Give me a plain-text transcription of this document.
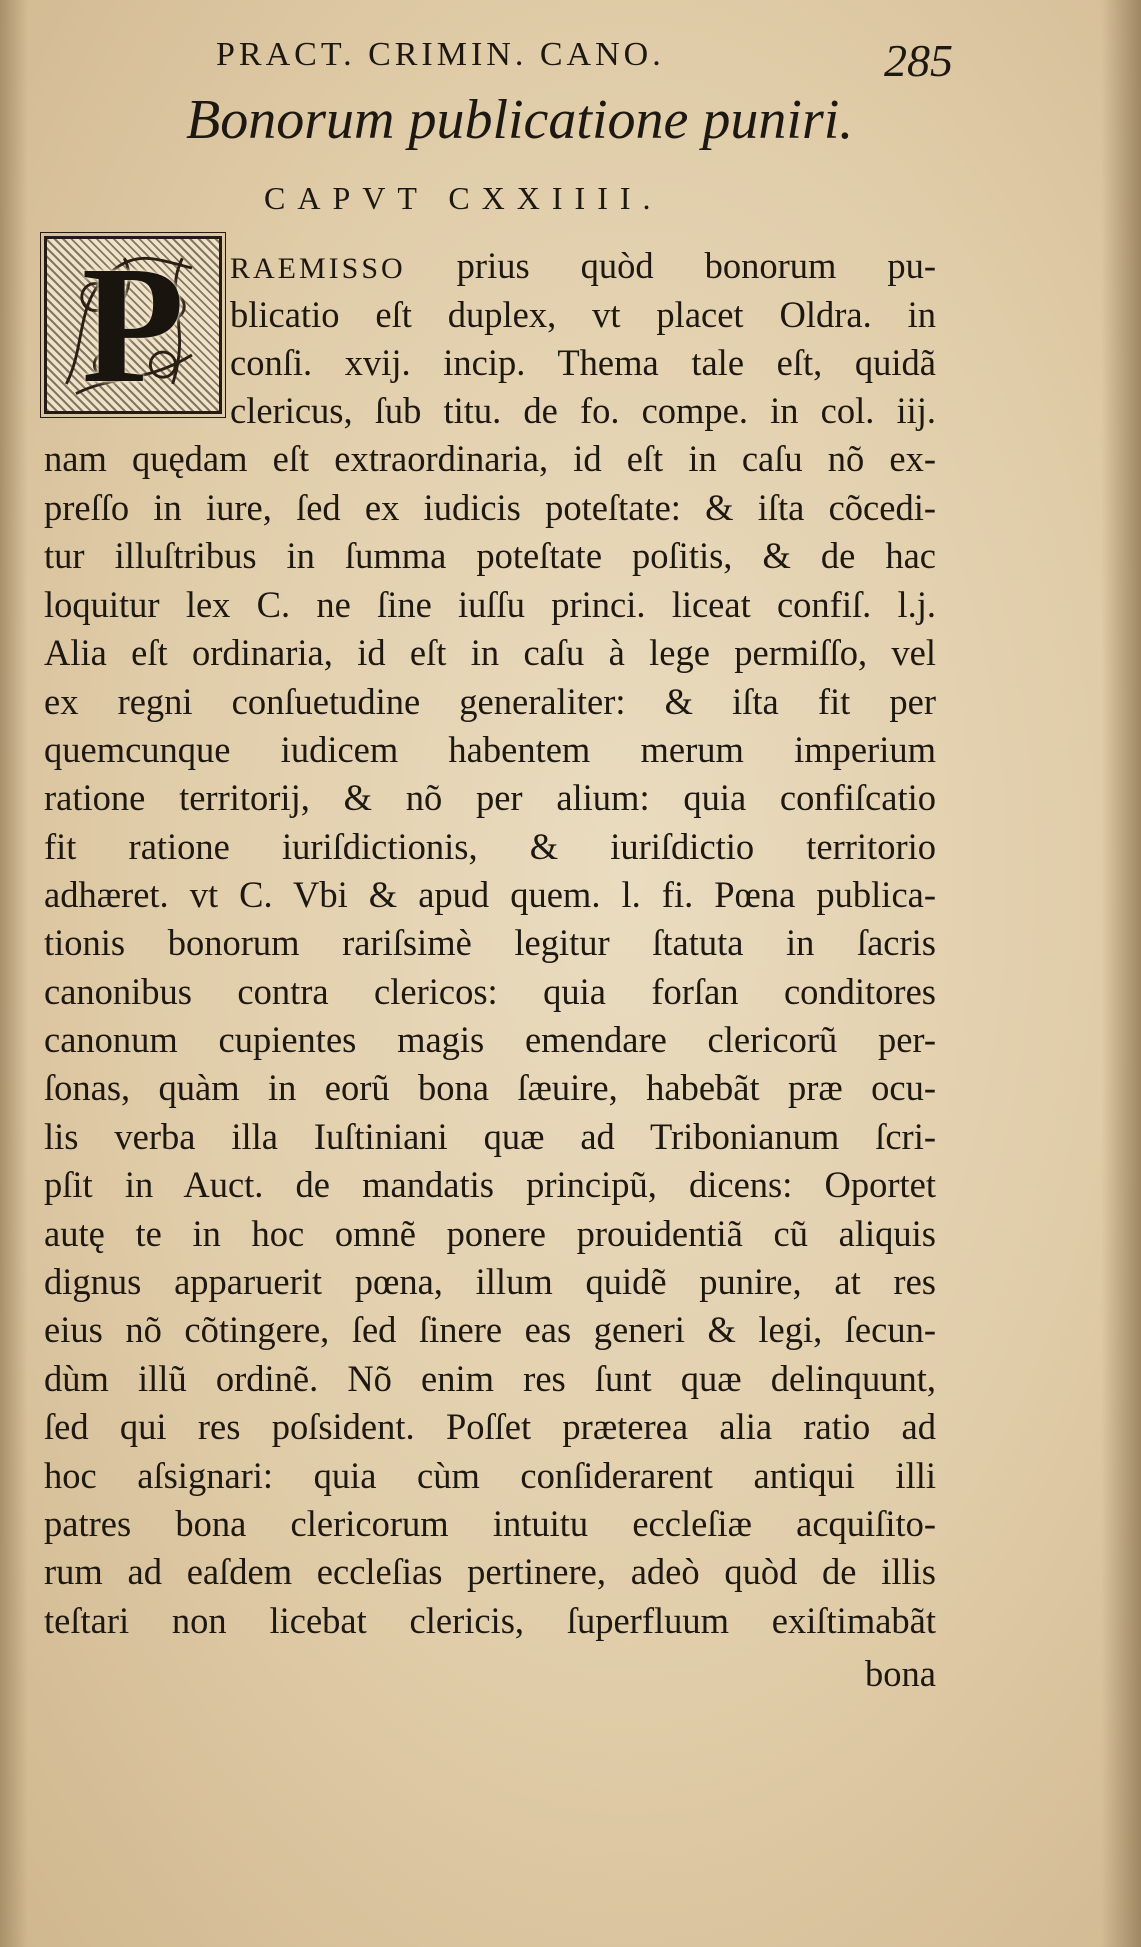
PRACT. CRIMIN. CANO.	285
Bonorum publicatione puniri.
CAPVT CXXIIII.
P RAEMISSO prius quòd bonorum pu-
blicatio eſt duplex, vt placet Oldra. in
conſi. xvij. incip. Thema tale eſt, quidã
clericus, ſub titu. de fo. compe. in col. iij.
nam quędam eſt extraordinaria, id eſt in caſu nõ ex-
preſſo in iure, ſed ex iudicis poteſtate: & iſta cõcedi-
tur illuſtribus in ſumma poteſtate poſitis, & de hac
loquitur lex C. ne ſine iuſſu princi. liceat confiſ. l.j.
Alia eſt ordinaria, id eſt in caſu à lege permiſſo, vel
ex regni conſuetudine generaliter: & iſta fit per
quemcunque iudicem habentem merum imperium
ratione territorij, & nõ per alium: quia confiſcatio
fit ratione iuriſdictionis, & iuriſdictio territorio
adhæret. vt C. Vbi & apud quem. l. fi. Pœna publica-
tionis bonorum rariſsimè legitur ſtatuta in ſacris
canonibus contra clericos: quia forſan conditores
canonum cupientes magis emendare clericorũ per-
ſonas, quàm in eorũ bona ſæuire, habebãt præ ocu-
lis verba illa Iuſtiniani quæ ad Tribonianum ſcri-
pſit in Auct. de mandatis principũ, dicens: Oportet
autę te in hoc omnẽ ponere prouidentiã cũ aliquis
dignus apparuerit pœna, illum quidẽ punire, at res
eius nõ cõtingere, ſed ſinere eas generi & legi, ſecun-
dùm illũ ordinẽ. Nõ enim res ſunt quæ delinquunt,
ſed qui res poſsident. Poſſet præterea alia ratio ad
hoc aſsignari: quia cùm conſiderarent antiqui illi
patres bona clericorum intuitu eccleſiæ acquiſito-
rum ad eaſdem eccleſias pertinere, adeò quòd de illis
teſtari non licebat clericis, ſuperfluum exiſtimabãt
bona
